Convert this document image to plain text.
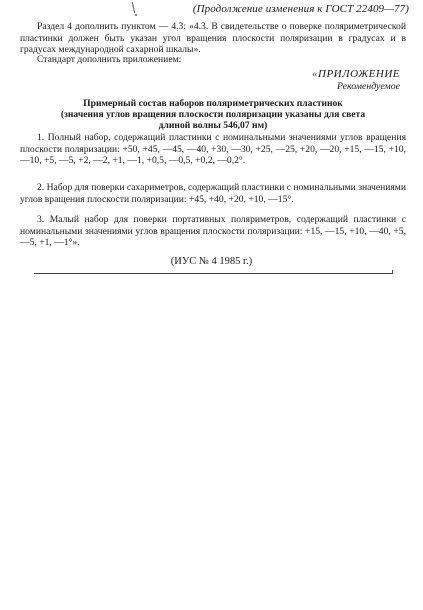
(Продолжение изменения к ГОСТ 22409—77)

Раздел 4 дополнить пунктом — 4.3: «4.3. В свидетельстве о поверке поляриметрической пластинки должен быть указан угол вращения плоскости поляризации в градусах и в градусах международной сахарной шкалы».

Стандарт дополнить приложением:

«ПРИЛОЖЕНИЕ
Рекомендуемое
Примерный состав наборов поляриметрических пластинок
(значения углов вращения плоскости поляризации указаны для света
длиной волны 546,07 нм)

1. Полный набор, содержащий пластинки с номинальными значениями углов вращения плоскости поляризации: +50, +45, —45, —40, +30, —30, +25, —25, +20, —20, +15, —15, +10, —10, +5, —5, +2, —2, +1, —1, +0,5, —0,5, +0,2, —0,2°.

2. Набор для поверки сахариметров, содержащий пластинки с номинальными значениями углов вращения плоскости поляризации: +45, +40, +20, +10, —15°.

3. Малый набор для поверки портативных поляриметров, содержащий пластинки с номинальными значениями углов вращения плоскости поляризации: +15, —15, +10, —40, +5, —5, +1, —1°».

(ИУС № 4 1985 г.)
